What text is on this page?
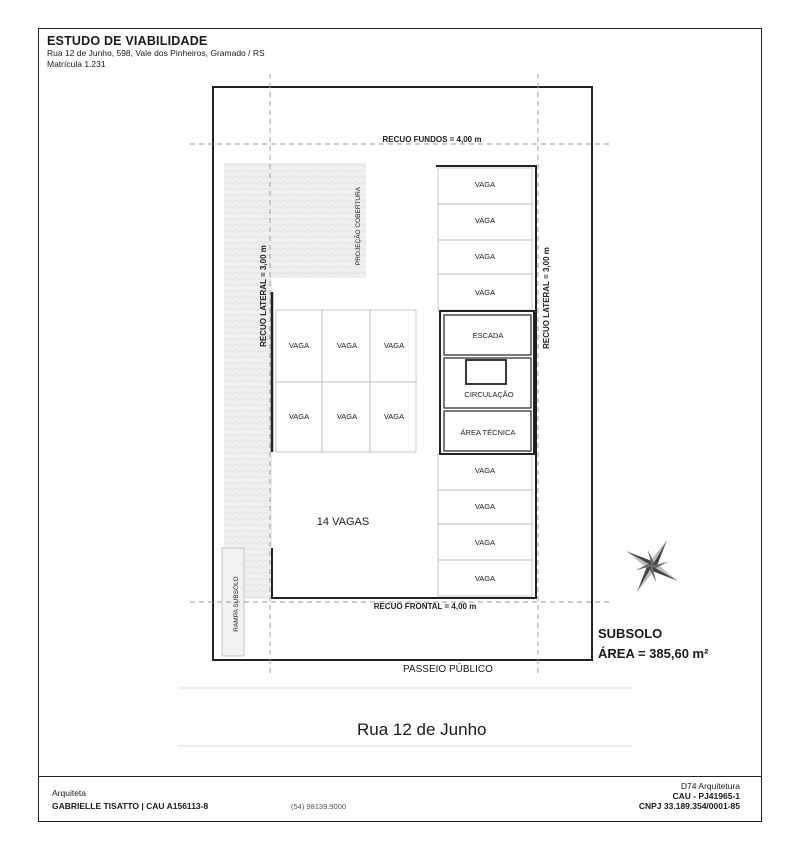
ESTUDO DE VIABILIDADE
Rua 12 de Junho, 598, Vale dos Pinheiros, Gramado / RS
Matrícula 1.231
RECUO FUNDOS = 4,00 m
RECUO FRONTAL = 4,00 m
RECUO LATERAL = 3,00 m	RECUO LATERAL = 3,00 m
PROJEÇÃO COBERTURA
RAMPA SUBSOLO
VAGA
VAGA
VAGA
VAGA
VAGA
VAGA
VAGA
VAGA
VAGA	VAGA	VAGA
VAGA	VAGA	VAGA
ESCADA
CIRCULAÇÃO
ÁREA TÉCNICA
14 VAGAS
SUBSOLO
ÁREA = 385,60 m²
PASSEIO PÚBLICO
Rua 12 de Junho
Arquiteta
GABRIELLE TISATTO | CAU A156113-8	(54) 98139.9000
D74 Arquitetura
CAU - PJ41965-1
CNPJ 33.189.354/0001-85
